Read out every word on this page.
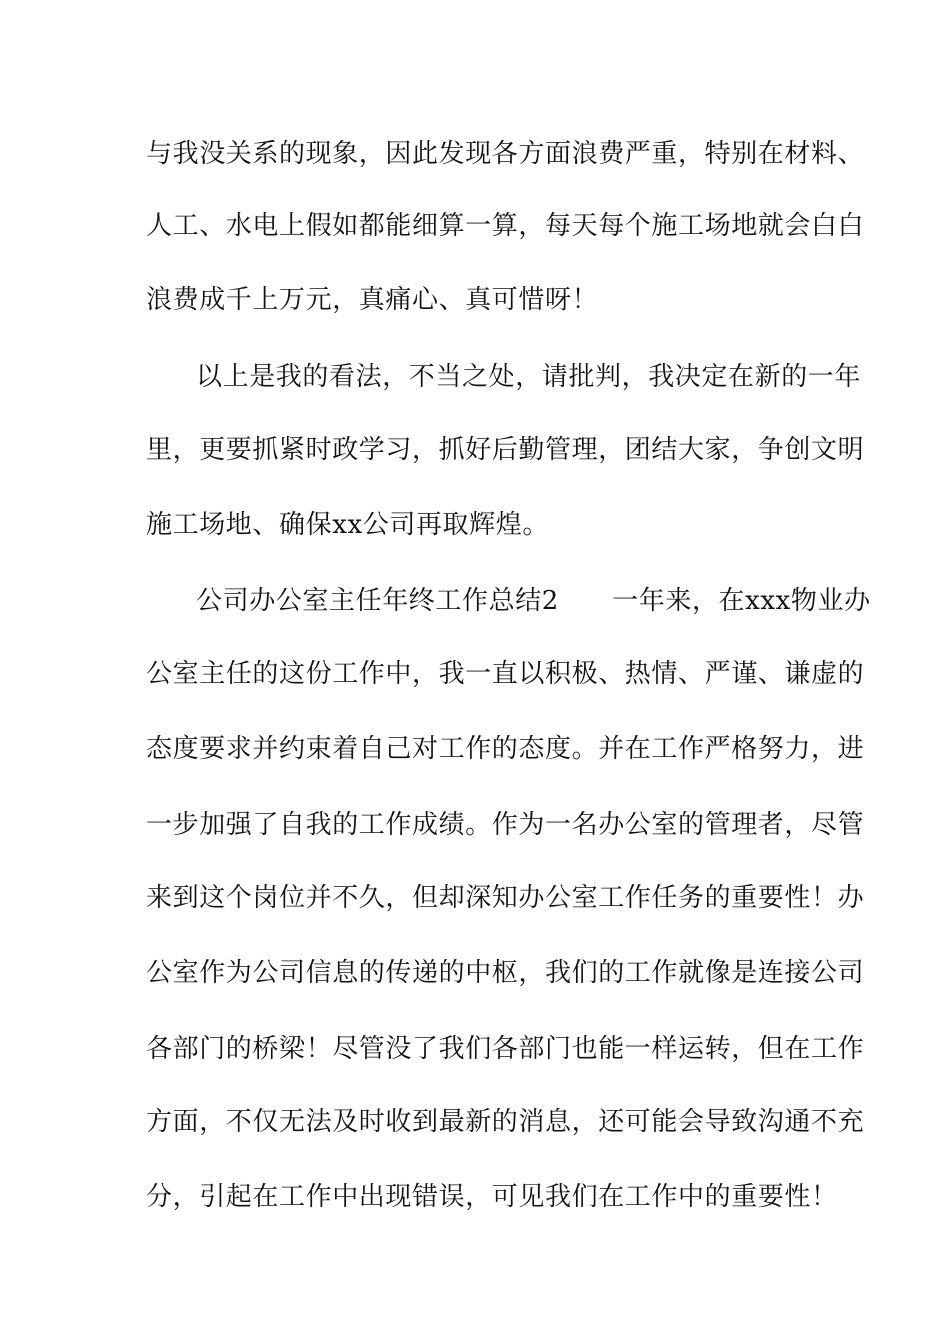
与我没关系的现象，因此发现各方面浪费严重，特别在材料、
人工、水电上假如都能细算一算，每天每个施工场地就会白白
浪费成千上万元，真痛心、真可惜呀！
以上是我的看法，不当之处，请批判，我决定在新的一年
里，更要抓紧时政学习，抓好后勤管理，团结大家，争创文明
施工场地、确保xx公司再取辉煌。
公司办公室主任年终工作总结2　　一年来，在xxx物业办
公室主任的这份工作中，我一直以积极、热情、严谨、谦虚的
态度要求并约束着自己对工作的态度。并在工作严格努力，进
一步加强了自我的工作成绩。作为一名办公室的管理者，尽管
来到这个岗位并不久，但却深知办公室工作任务的重要性！办
公室作为公司信息的传递的中枢，我们的工作就像是连接公司
各部门的桥梁！尽管没了我们各部门也能一样运转，但在工作
方面，不仅无法及时收到最新的消息，还可能会导致沟通不充
分，引起在工作中出现错误，可见我们在工作中的重要性！
